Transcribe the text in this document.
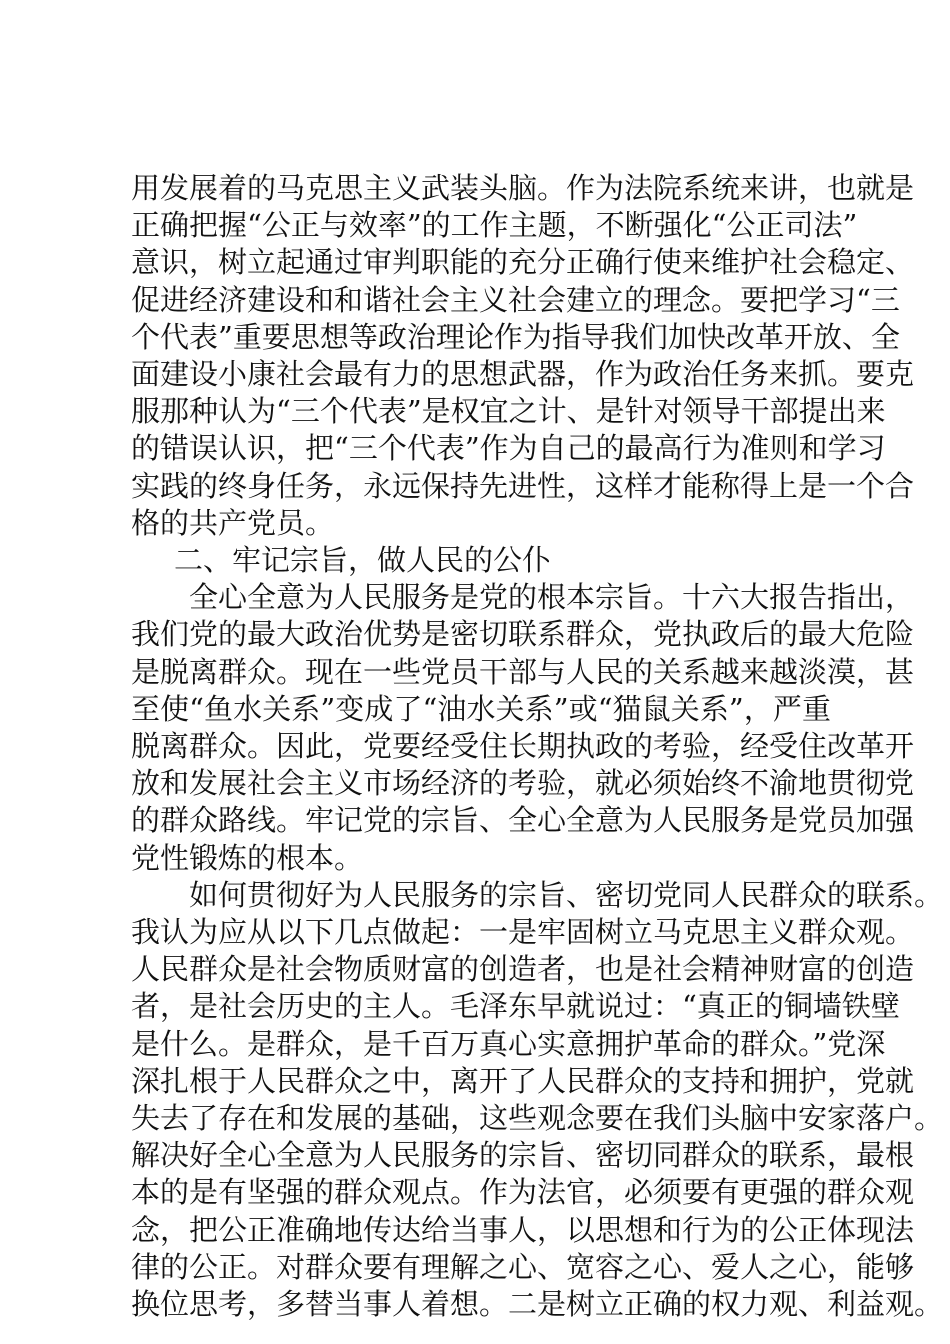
用发展着的马克思主义武装头脑。作为法院系统来讲，也就是
正确把握“公正与效率”的工作主题，不断强化“公正司法”
意识，树立起通过审判职能的充分正确行使来维护社会稳定、
促进经济建设和和谐社会主义社会建立的理念。要把学习“三
个代表”重要思想等政治理论作为指导我们加快改革开放、全
面建设小康社会最有力的思想武器，作为政治任务来抓。要克
服那种认为“三个代表”是权宜之计、是针对领导干部提出来
的错误认识，把“三个代表”作为自己的最高行为准则和学习
实践的终身任务，永远保持先进性，这样才能称得上是一个合
格的共产党员。
二、牢记宗旨，做人民的公仆
全心全意为人民服务是党的根本宗旨。十六大报告指出，
我们党的最大政治优势是密切联系群众，党执政后的最大危险
是脱离群众。现在一些党员干部与人民的关系越来越淡漠，甚
至使“鱼水关系”变成了“油水关系”或“猫鼠关系”，严重
脱离群众。因此，党要经受住长期执政的考验，经受住改革开
放和发展社会主义市场经济的考验，就必须始终不渝地贯彻党
的群众路线。牢记党的宗旨、全心全意为人民服务是党员加强
党性锻炼的根本。
如何贯彻好为人民服务的宗旨、密切党同人民群众的联系。
我认为应从以下几点做起：一是牢固树立马克思主义群众观。
人民群众是社会物质财富的创造者，也是社会精神财富的创造
者，是社会历史的主人。毛泽东早就说过：“真正的铜墙铁壁
是什么。是群众，是千百万真心实意拥护革命的群众。”党深
深扎根于人民群众之中，离开了人民群众的支持和拥护，党就
失去了存在和发展的基础，这些观念要在我们头脑中安家落户。
解决好全心全意为人民服务的宗旨、密切同群众的联系，最根
本的是有坚强的群众观点。作为法官，必须要有更强的群众观
念，把公正准确地传达给当事人，以思想和行为的公正体现法
律的公正。对群众要有理解之心、宽容之心、爱人之心，能够
换位思考，多替当事人着想。二是树立正确的权力观、利益观。
